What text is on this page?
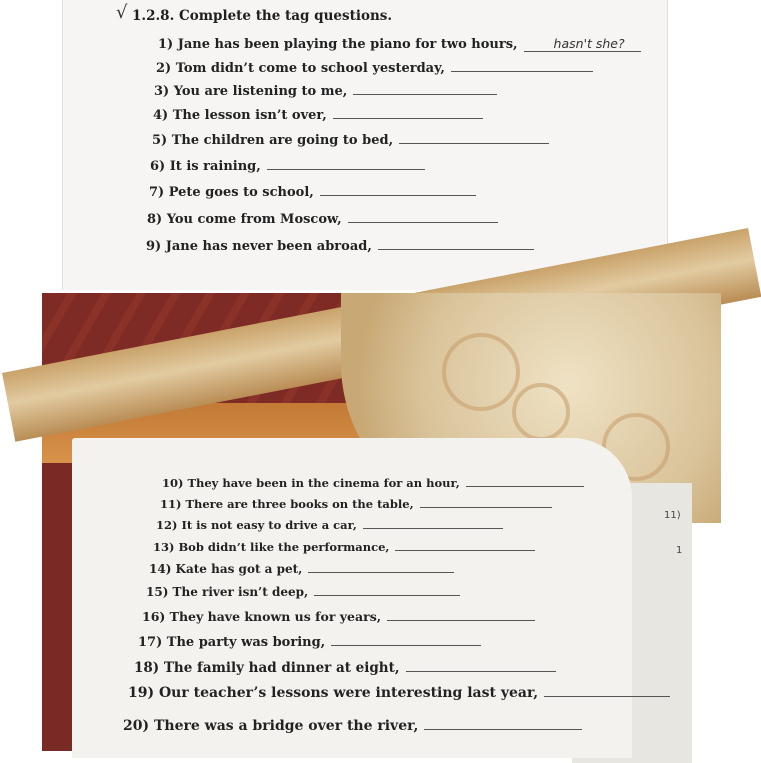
√ 1.2.8. Complete the tag questions.
1) Jane has been playing the piano for two hours,	hasn't she?
2) Tom didn’t come to school yesterday,
3) You are listening to me,
4) The lesson isn’t over,
5) The children are going to bed,
6) It is raining,
7) Pete goes to school,
8) You come from Moscow,
9) Jane has never been abroad,
11)
1
10) They have been in the cinema for an hour,
11) There are three books on the table,
12) It is not easy to drive a car,
13) Bob didn’t like the performance,
14) Kate has got a pet,
15) The river isn’t deep,
16) They have known us for years,
17) The party was boring,
18) The family had dinner at eight,
19) Our teacher’s lessons were interesting last year,
20) There was a bridge over the river,
